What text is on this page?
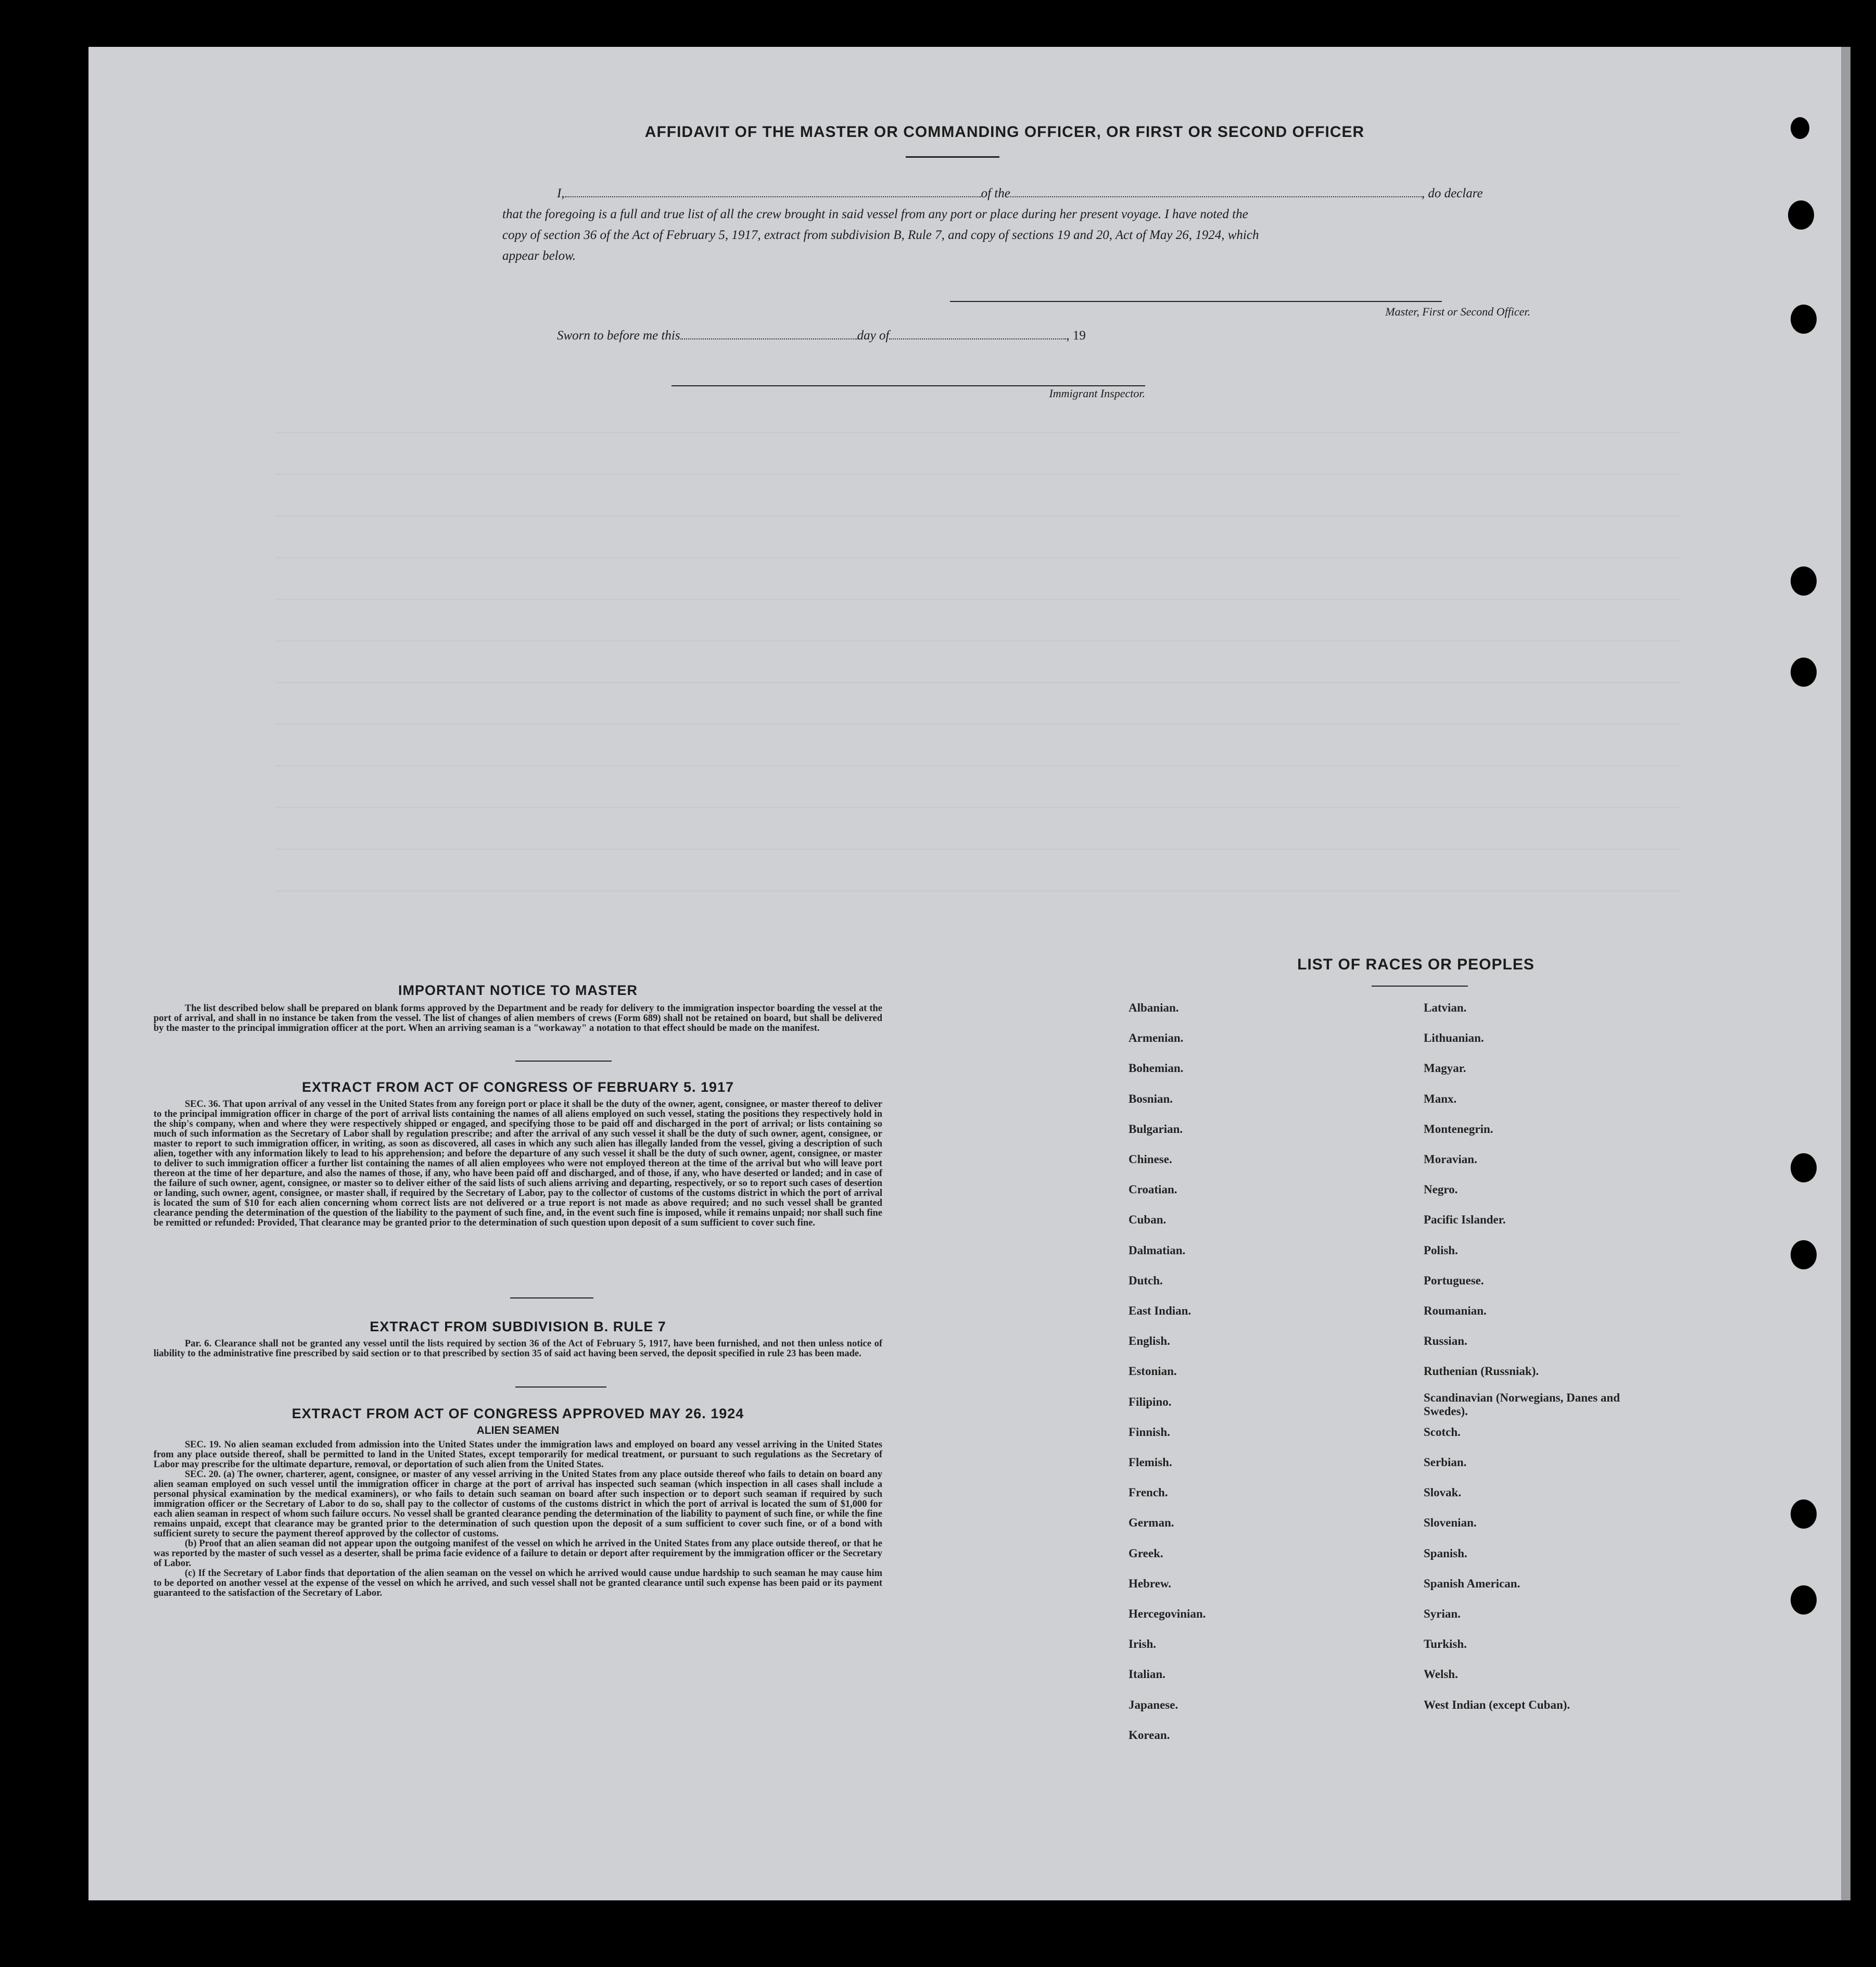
AFFIDAVIT OF THE MASTER OR COMMANDING OFFICER, OR FIRST OR SECOND OFFICER
I,	of the	, do declare
that the foregoing is a full and true list of all the crew brought in said vessel from any port or place during her present voyage. I have noted the
copy of section 36 of the Act of February 5, 1917, extract from subdivision B, Rule 7, and copy of sections 19 and 20, Act of May 26, 1924, which
appear below.
Master, First or Second Officer.
Sworn to before me this	day of	, 19
Immigrant Inspector.
IMPORTANT NOTICE TO MASTER
The list described below shall be prepared on blank forms approved by the Department and be ready for delivery to the immigration inspector boarding the vessel at the port of arrival, and shall in no instance be taken from the vessel. The list of changes of alien members of crews (Form 689) shall not be retained on board, but shall be delivered by the master to the principal immigration officer at the port. When an arriving seaman is a "workaway" a notation to that effect should be made on the manifest.
EXTRACT FROM ACT OF CONGRESS OF FEBRUARY 5. 1917
SEC. 36. That upon arrival of any vessel in the United States from any foreign port or place it shall be the duty of the owner, agent, consignee, or master thereof to deliver to the principal immigration officer in charge of the port of arrival lists containing the names of all aliens employed on such vessel, stating the positions they respectively hold in the ship's company, when and where they were respectively shipped or engaged, and specifying those to be paid off and discharged in the port of arrival; or lists containing so much of such information as the Secretary of Labor shall by regulation prescribe; and after the arrival of any such vessel it shall be the duty of such owner, agent, consignee, or master to report to such immigration officer, in writing, as soon as discovered, all cases in which any such alien has illegally landed from the vessel, giving a description of such alien, together with any information likely to lead to his apprehension; and before the departure of any such vessel it shall be the duty of such owner, agent, consignee, or master to deliver to such immigration officer a further list containing the names of all alien employees who were not employed thereon at the time of the arrival but who will leave port thereon at the time of her departure, and also the names of those, if any, who have been paid off and discharged, and of those, if any, who have deserted or landed; and in case of the failure of such owner, agent, consignee, or master so to deliver either of the said lists of such aliens arriving and departing, respectively, or so to report such cases of desertion or landing, such owner, agent, consignee, or master shall, if required by the Secretary of Labor, pay to the collector of customs of the customs district in which the port of arrival is located the sum of $10 for each alien concerning whom correct lists are not delivered or a true report is not made as above required; and no such vessel shall be granted clearance pending the determination of the question of the liability to the payment of such fine, and, in the event such fine is imposed, while it remains unpaid; nor shall such fine be remitted or refunded: Provided, That clearance may be granted prior to the determination of such question upon deposit of a sum sufficient to cover such fine.
EXTRACT FROM SUBDIVISION B. RULE 7
Par. 6. Clearance shall not be granted any vessel until the lists required by section 36 of the Act of February 5, 1917, have been furnished, and not then unless notice of liability to the administrative fine prescribed by said section or to that prescribed by section 35 of said act having been served, the deposit specified in rule 23 has been made.
EXTRACT FROM ACT OF CONGRESS APPROVED MAY 26. 1924
ALIEN SEAMEN
SEC. 19. No alien seaman excluded from admission into the United States under the immigration laws and employed on board any vessel arriving in the United States from any place outside thereof, shall be permitted to land in the United States, except temporarily for medical treatment, or pursuant to such regulations as the Secretary of Labor may prescribe for the ultimate departure, removal, or deportation of such alien from the United States.
SEC. 20. (a) The owner, charterer, agent, consignee, or master of any vessel arriving in the United States from any place outside thereof who fails to detain on board any alien seaman employed on such vessel until the immigration officer in charge at the port of arrival has inspected such seaman (which inspection in all cases shall include a personal physical examination by the medical examiners), or who fails to detain such seaman on board after such inspection or to deport such seaman if required by such immigration officer or the Secretary of Labor to do so, shall pay to the collector of customs of the customs district in which the port of arrival is located the sum of $1,000 for each alien seaman in respect of whom such failure occurs. No vessel shall be granted clearance pending the determination of the liability to payment of such fine, or while the fine remains unpaid, except that clearance may be granted prior to the determination of such question upon the deposit of a sum sufficient to cover such fine, or of a bond with sufficient surety to secure the payment thereof approved by the collector of customs.
(b) Proof that an alien seaman did not appear upon the outgoing manifest of the vessel on which he arrived in the United States from any place outside thereof, or that he was reported by the master of such vessel as a deserter, shall be prima facie evidence of a failure to detain or deport after requirement by the immigration officer or the Secretary of Labor.
(c) If the Secretary of Labor finds that deportation of the alien seaman on the vessel on which he arrived would cause undue hardship to such seaman he may cause him to be deported on another vessel at the expense of the vessel on which he arrived, and such vessel shall not be granted clearance until such expense has been paid or its payment guaranteed to the satisfaction of the Secretary of Labor.
LIST OF RACES OR PEOPLES
Albanian.
Armenian.
Bohemian.
Bosnian.
Bulgarian.
Chinese.
Croatian.
Cuban.
Dalmatian.
Dutch.
East Indian.
English.
Estonian.
Filipino.
Finnish.
Flemish.
French.
German.
Greek.
Hebrew.
Hercegovinian.
Irish.
Italian.
Japanese.
Korean.
Latvian.
Lithuanian.
Magyar.
Manx.
Montenegrin.
Moravian.
Negro.
Pacific Islander.
Polish.
Portuguese.
Roumanian.
Russian.
Ruthenian (Russniak).
Scandinavian (Norwegians, Danes and Swedes).
Scotch.
Serbian.
Slovak.
Slovenian.
Spanish.
Spanish American.
Syrian.
Turkish.
Welsh.
West Indian (except Cuban).
